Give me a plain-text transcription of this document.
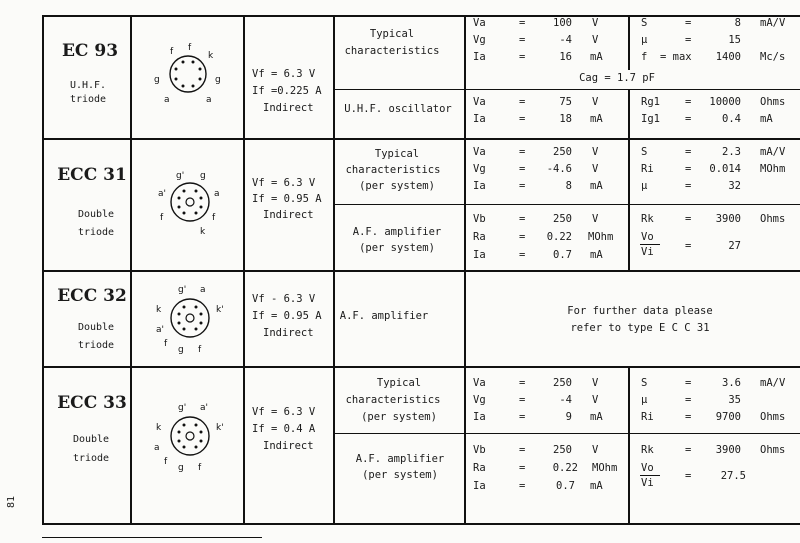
81
EC 93
U.H.F.
triode
f f
k
g	g
a	a
Vf = 6.3 V
If =0.225 A
Indirect
Typical
characteristics
Va	=	100 V
Vg	=	-4 V
Ia	=	16 mA
S	=	8 mA/V
μ	=	15
f = max 1400 Mc/s
Cag = 1.7 pF
U.H.F. oscillator
Va	=	75 V
Ia	=	18 mA
Rg1 = 10000 Ohms
Ig1 =	0.4 mA
ECC 31
Double
triode
g' g
a'	a
f	f
k
Vf = 6.3 V
If = 0.95 A
Indirect
Typical
characteristics
(per system)
Va	=	250 V
Vg	= -4.6 V
Ia	=	8 mA
S	=	2.3 mA/V
Ri	= 0.014 MOhm
μ	=	32
A.F. amplifier
(per system)
Vb	=	250 V
Ra	= 0.22 MOhm
Ia	=	0.7 mA
Rk	= 3900 Ohms
Vo
Vi	=	27
ECC 32
Double
triode
g' a
k	k'
a'
g
f
f
Vf - 6.3 V
If = 0.95 A
Indirect
A.F. amplifier	For further data please
refer to type E C C 31
ECC 33
Double
triode
g' a'
k	k'
a
g
f
f
Vf = 6.3 V
If = 0.4 A
Indirect
Typical
characteristics
(per system)
Va	=	250 V
Vg	=	-4 V
Ia	=	9 mA
S	=	3.6 mA/V
μ	=	35
Ri	= 9700 Ohms
A.F. amplifier
(per system)
Vb	=	250 V
Ra	=	0.22 MOhm
Ia	=	0.7 mA
Rk	= 3900 Ohms
Vo
Vi
=	27.5
